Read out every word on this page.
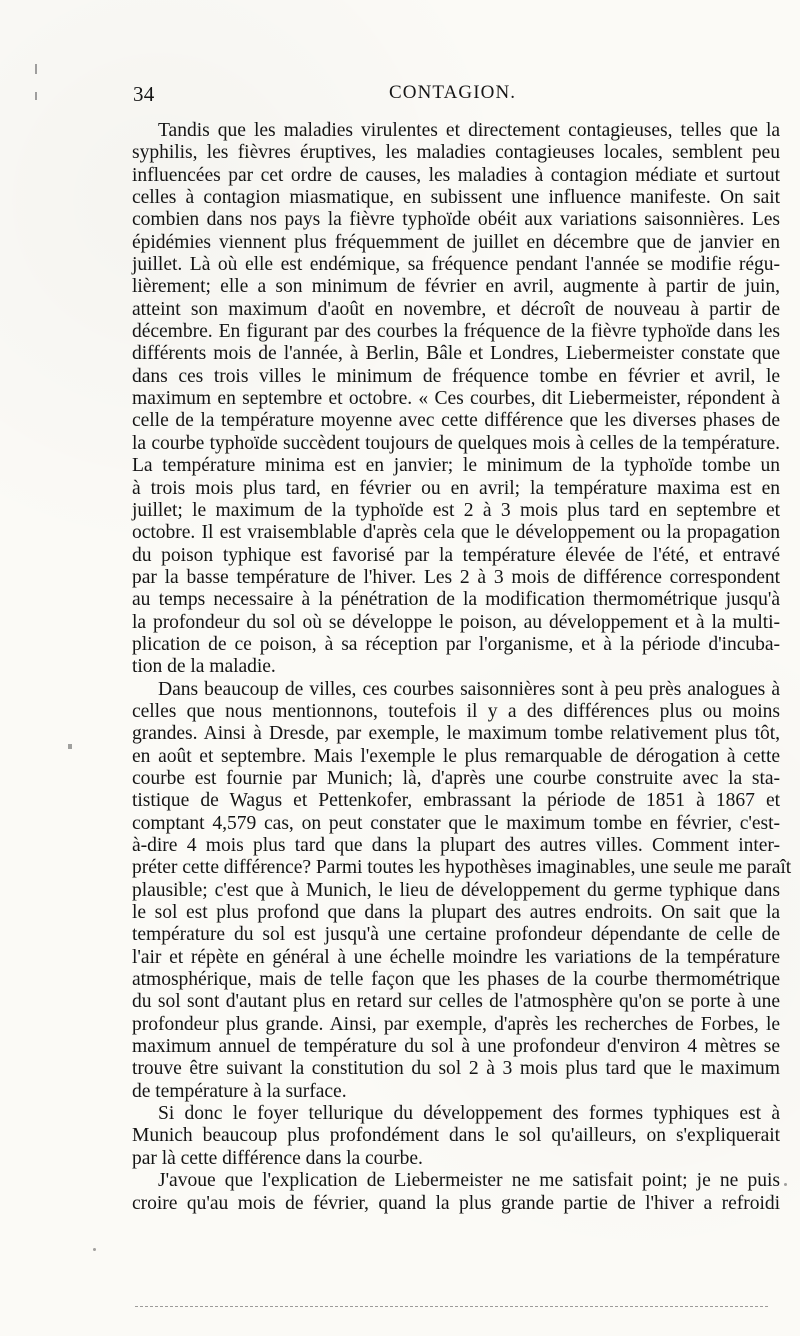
34	CONTAGION.
Tandis que les maladies virulentes et directement contagieuses, telles que la
syphilis, les fièvres éruptives, les maladies contagieuses locales, semblent peu
influencées par cet ordre de causes, les maladies à contagion médiate et surtout
celles à contagion miasmatique, en subissent une influence manifeste. On sait
combien dans nos pays la fièvre typhoïde obéit aux variations saisonnières. Les
épidémies viennent plus fréquemment de juillet en décembre que de janvier en
juillet. Là où elle est endémique, sa fréquence pendant l'année se modifie régu-
lièrement; elle a son minimum de février en avril, augmente à partir de juin,
atteint son maximum d'août en novembre, et décroît de nouveau à partir de
décembre. En figurant par des courbes la fréquence de la fièvre typhoïde dans les
différents mois de l'année, à Berlin, Bâle et Londres, Liebermeister constate que
dans ces trois villes le minimum de fréquence tombe en février et avril, le
maximum en septembre et octobre. « Ces courbes, dit Liebermeister, répondent à
celle de la température moyenne avec cette différence que les diverses phases de
la courbe typhoïde succèdent toujours de quelques mois à celles de la température.
La température minima est en janvier; le minimum de la typhoïde tombe un
à trois mois plus tard, en février ou en avril; la température maxima est en
juillet; le maximum de la typhoïde est 2 à 3 mois plus tard en septembre et
octobre. Il est vraisemblable d'après cela que le développement ou la propagation
du poison typhique est favorisé par la température élevée de l'été, et entravé
par la basse température de l'hiver. Les 2 à 3 mois de différence correspondent
au temps necessaire à la pénétration de la modification thermométrique jusqu'à
la profondeur du sol où se développe le poison, au développement et à la multi-
plication de ce poison, à sa réception par l'organisme, et à la période d'incuba-
tion de la maladie.
Dans beaucoup de villes, ces courbes saisonnières sont à peu près analogues à
celles que nous mentionnons, toutefois il y a des différences plus ou moins
grandes. Ainsi à Dresde, par exemple, le maximum tombe relativement plus tôt,
en août et septembre. Mais l'exemple le plus remarquable de dérogation à cette
courbe est fournie par Munich; là, d'après une courbe construite avec la sta-
tistique de Wagus et Pettenkofer, embrassant la période de 1851 à 1867 et
comptant 4,579 cas, on peut constater que le maximum tombe en février, c'est-
à-dire 4 mois plus tard que dans la plupart des autres villes. Comment inter-
préter cette différence? Parmi toutes les hypothèses imaginables, une seule me paraît
plausible; c'est que à Munich, le lieu de développement du germe typhique dans
le sol est plus profond que dans la plupart des autres endroits. On sait que la
température du sol est jusqu'à une certaine profondeur dépendante de celle de
l'air et répète en général à une échelle moindre les variations de la température
atmosphérique, mais de telle façon que les phases de la courbe thermométrique
du sol sont d'autant plus en retard sur celles de l'atmosphère qu'on se porte à une
profondeur plus grande. Ainsi, par exemple, d'après les recherches de Forbes, le
maximum annuel de température du sol à une profondeur d'environ 4 mètres se
trouve être suivant la constitution du sol 2 à 3 mois plus tard que le maximum
de température à la surface.
Si donc le foyer tellurique du développement des formes typhiques est à
Munich beaucoup plus profondément dans le sol qu'ailleurs, on s'expliquerait
par là cette différence dans la courbe.
J'avoue que l'explication de Liebermeister ne me satisfait point; je ne puis
croire qu'au mois de février, quand la plus grande partie de l'hiver a refroidi
